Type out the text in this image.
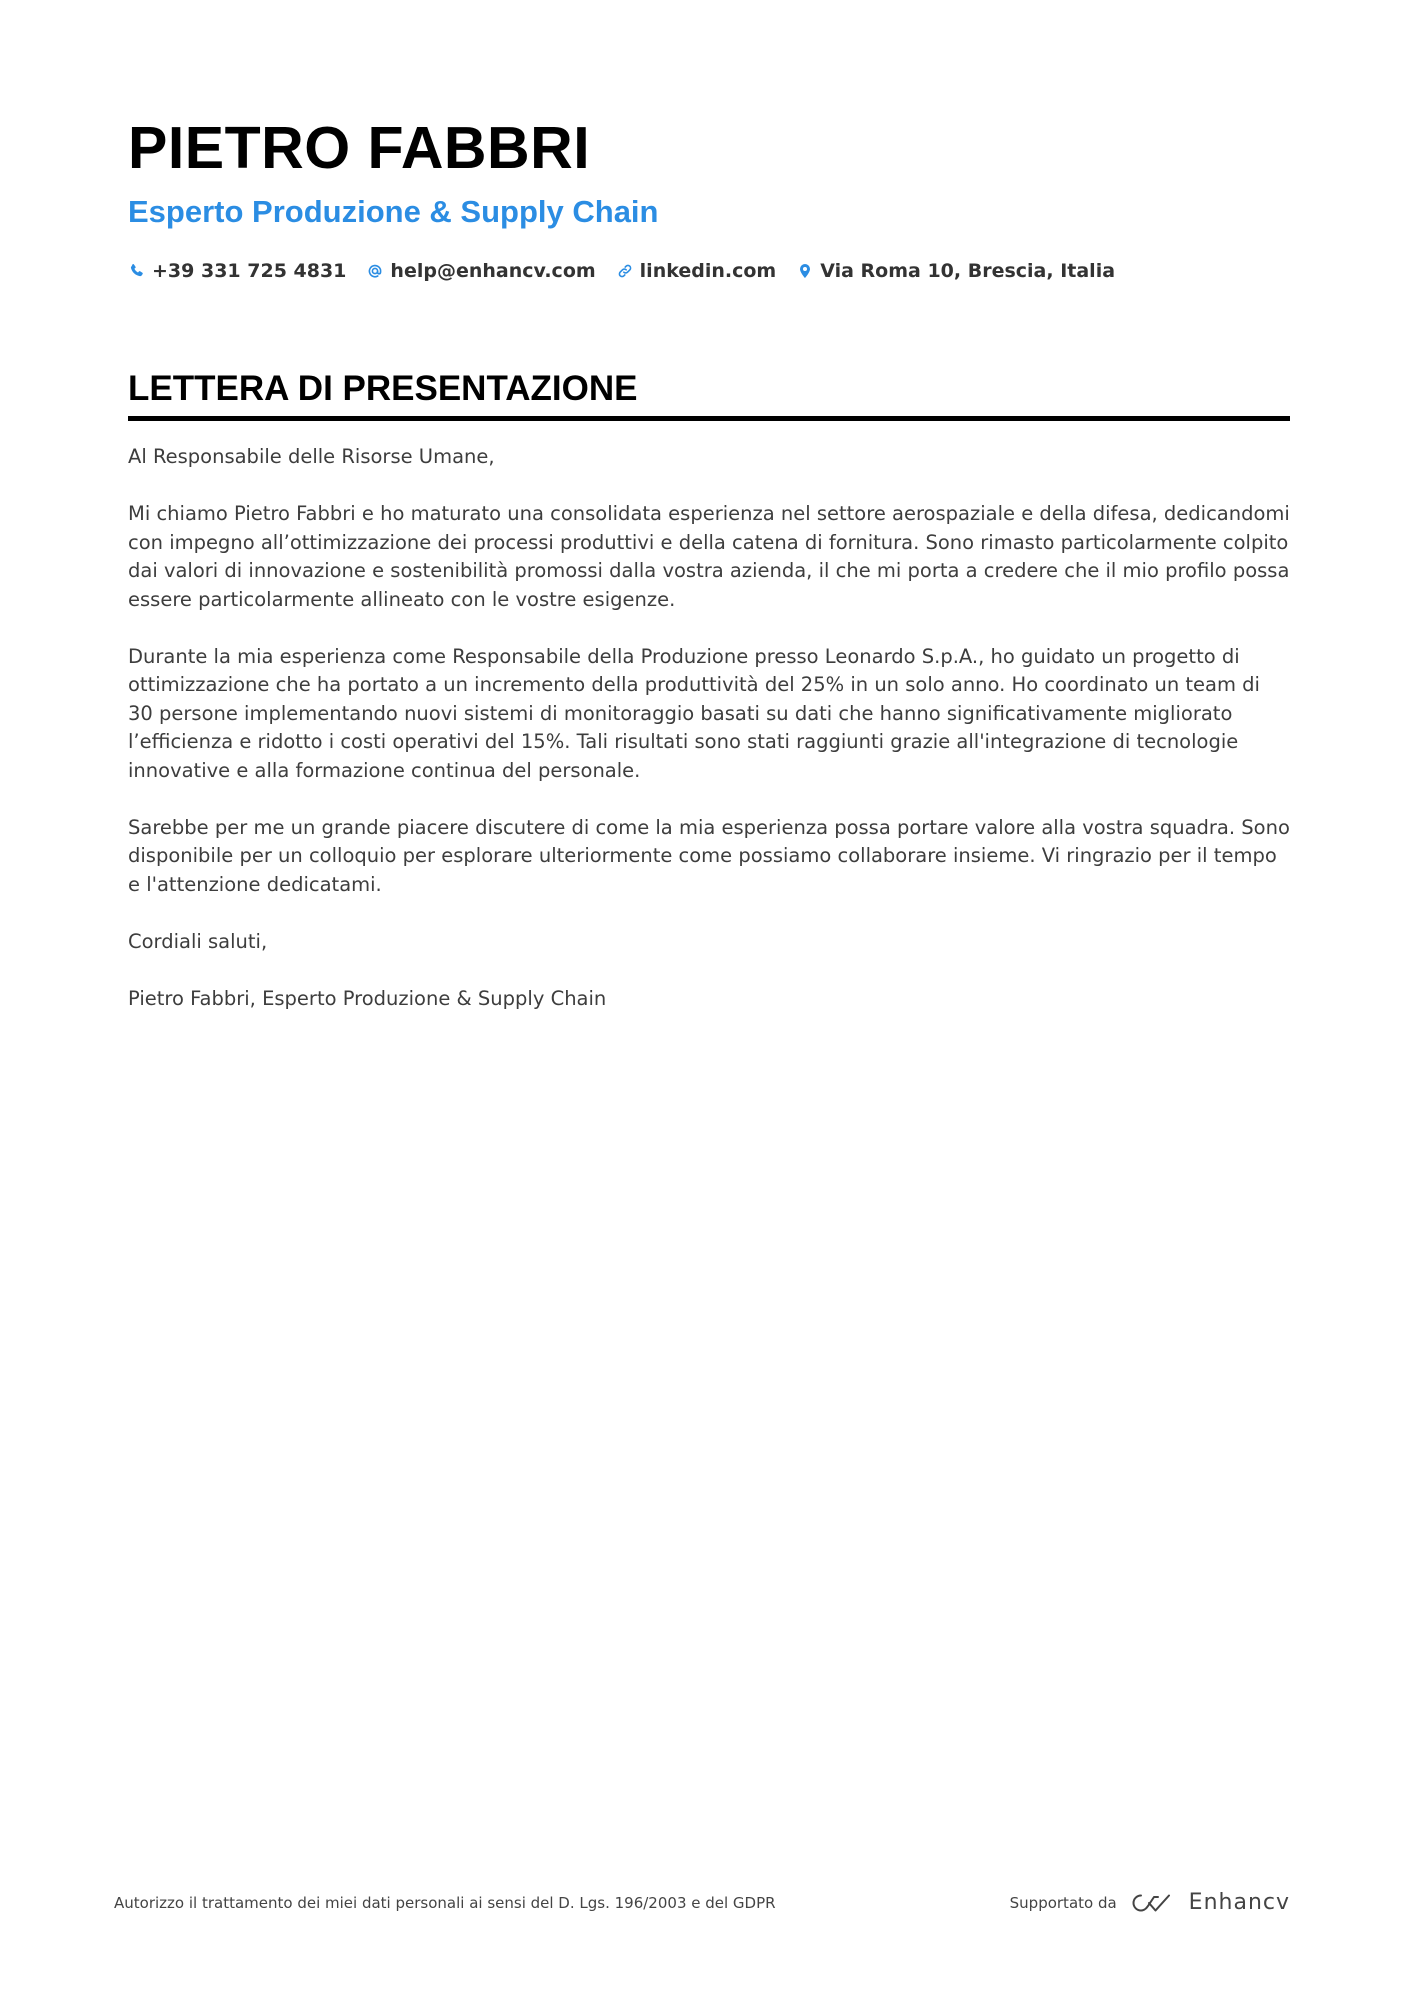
PIETRO FABBRI
Esperto Produzione & Supply Chain
+39 331 725 4831 help@enhancv.com linkedin.com Via Roma 10, Brescia, Italia
LETTERA DI PRESENTAZIONE

Al Responsabile delle Risorse Umane,

Mi chiamo Pietro Fabbri e ho maturato una consolidata esperienza nel settore aerospaziale e della difesa, dedicandomi con impegno all’ottimizzazione dei processi produttivi e della catena di fornitura. Sono rimasto particolarmente colpito dai valori di innovazione e sostenibilità promossi dalla vostra azienda, il che mi porta a credere che il mio profilo possa essere particolarmente allineato con le vostre esigenze.

Durante la mia esperienza come Responsabile della Produzione presso Leonardo S.p.A., ho guidato un progetto di ottimizzazione che ha portato a un incremento della produttività del 25% in un solo anno. Ho coordinato un team di 30 persone implementando nuovi sistemi di monitoraggio basati su dati che hanno significativamente migliorato l’efficienza e ridotto i costi operativi del 15%. Tali risultati sono stati raggiunti grazie all'integrazione di tecnologie innovative e alla formazione continua del personale.

Sarebbe per me un grande piacere discutere di come la mia esperienza possa portare valore alla vostra squadra. Sono disponibile per un colloquio per esplorare ulteriormente come possiamo collaborare insieme. Vi ringrazio per il tempo e l'attenzione dedicatami.

Cordiali saluti,

Pietro Fabbri, Esperto Produzione & Supply Chain

Autorizzo il trattamento dei miei dati personali ai sensi del D. Lgs. 196/2003 e del GDPR	Supportato da	Enhancv
